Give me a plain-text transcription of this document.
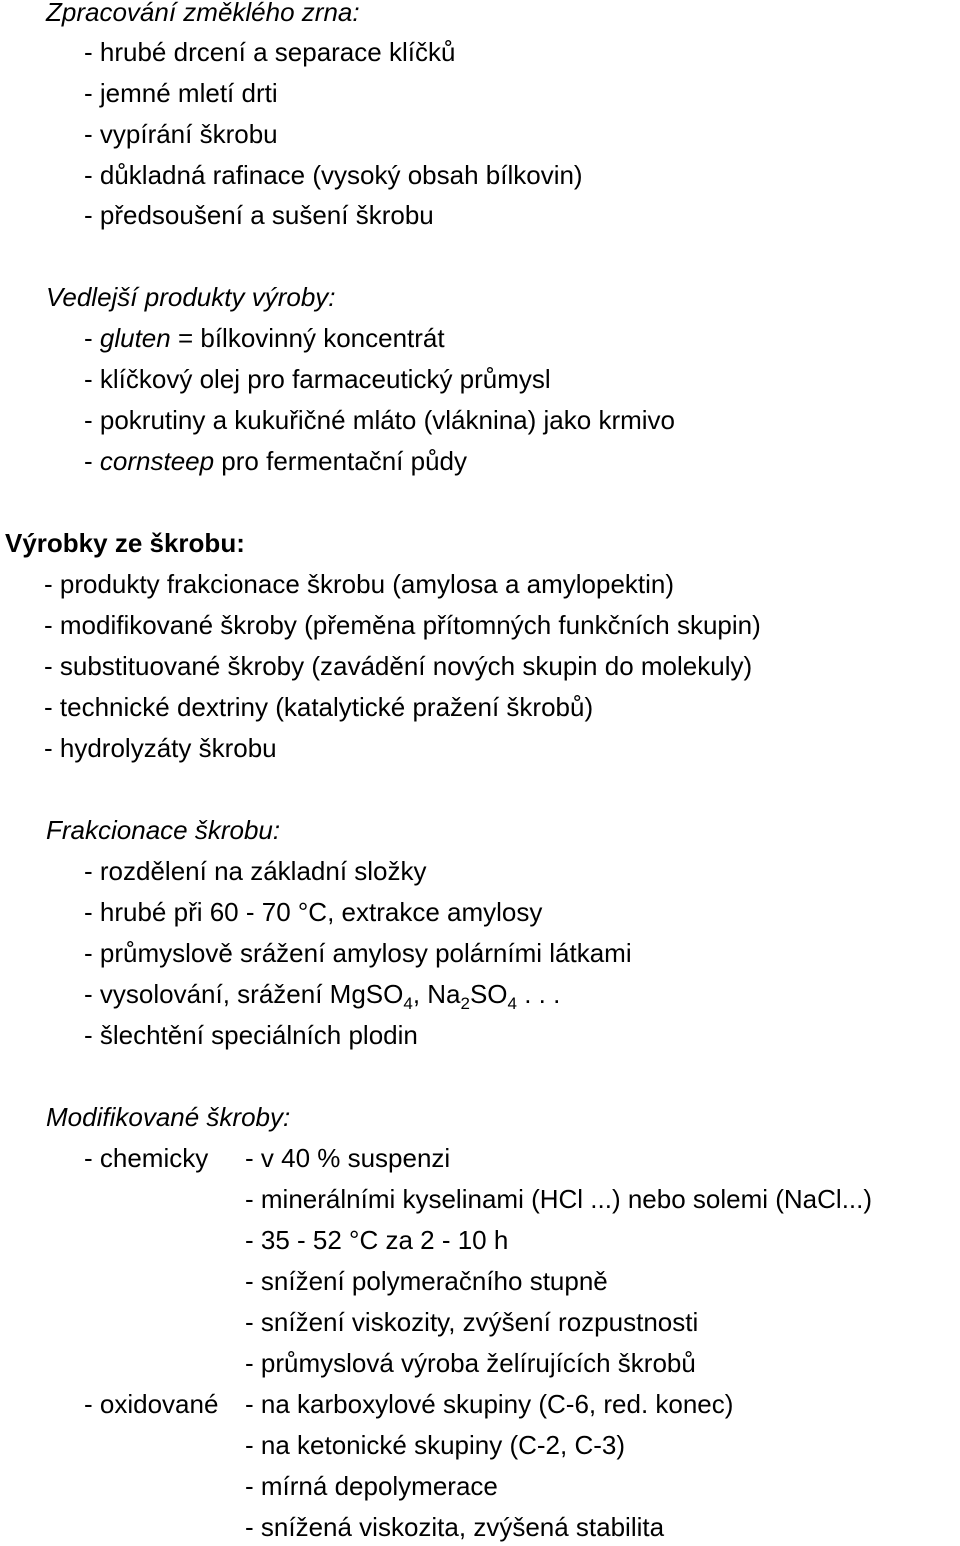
Zpracování změklého zrna:
- hrubé drcení a separace klíčků
- jemné mletí drti
- vypírání škrobu
- důkladná rafinace (vysoký obsah bílkovin)
- předsoušení a sušení škrobu
Vedlejší produkty výroby:
- gluten = bílkovinný koncentrát
- klíčkový olej pro farmaceutický průmysl
- pokrutiny a kukuřičné mláto (vláknina) jako krmivo
- cornsteep pro fermentační půdy
Výrobky ze škrobu:
- produkty frakcionace škrobu (amylosa a amylopektin)
- modifikované škroby (přeměna přítomných funkčních skupin)
- substituované škroby (zavádění nových skupin do molekuly)
- technické dextriny (katalytické pražení škrobů)
- hydrolyzáty škrobu
Frakcionace škrobu:
- rozdělení na základní složky
- hrubé při 60 - 70 °C, extrakce amylosy
- průmyslově srážení amylosy polárními látkami
- vysolování, srážení MgSO$_4$, $Na_2SO_4$ . . .
- šlechtění speciálních plodin
Modifikované škroby:
- chemicky - v 40 % suspenzi
- minerálními kyselinami (HCl ...) nebo solemi (NaCl...)
- 35 - 52 °C za 2 - 10 h
- snížení polymeračního stupně
- snížení viskozity, zvýšení rozpustnosti
- průmyslová výroba želírujících škrobů
- oxidované - na karboxylové skupiny (C-6, red. konec)
- na ketonické skupiny (C-2, C-3)
- mírná depolymerace
- snížená viskozita, zvýšená stabilita
